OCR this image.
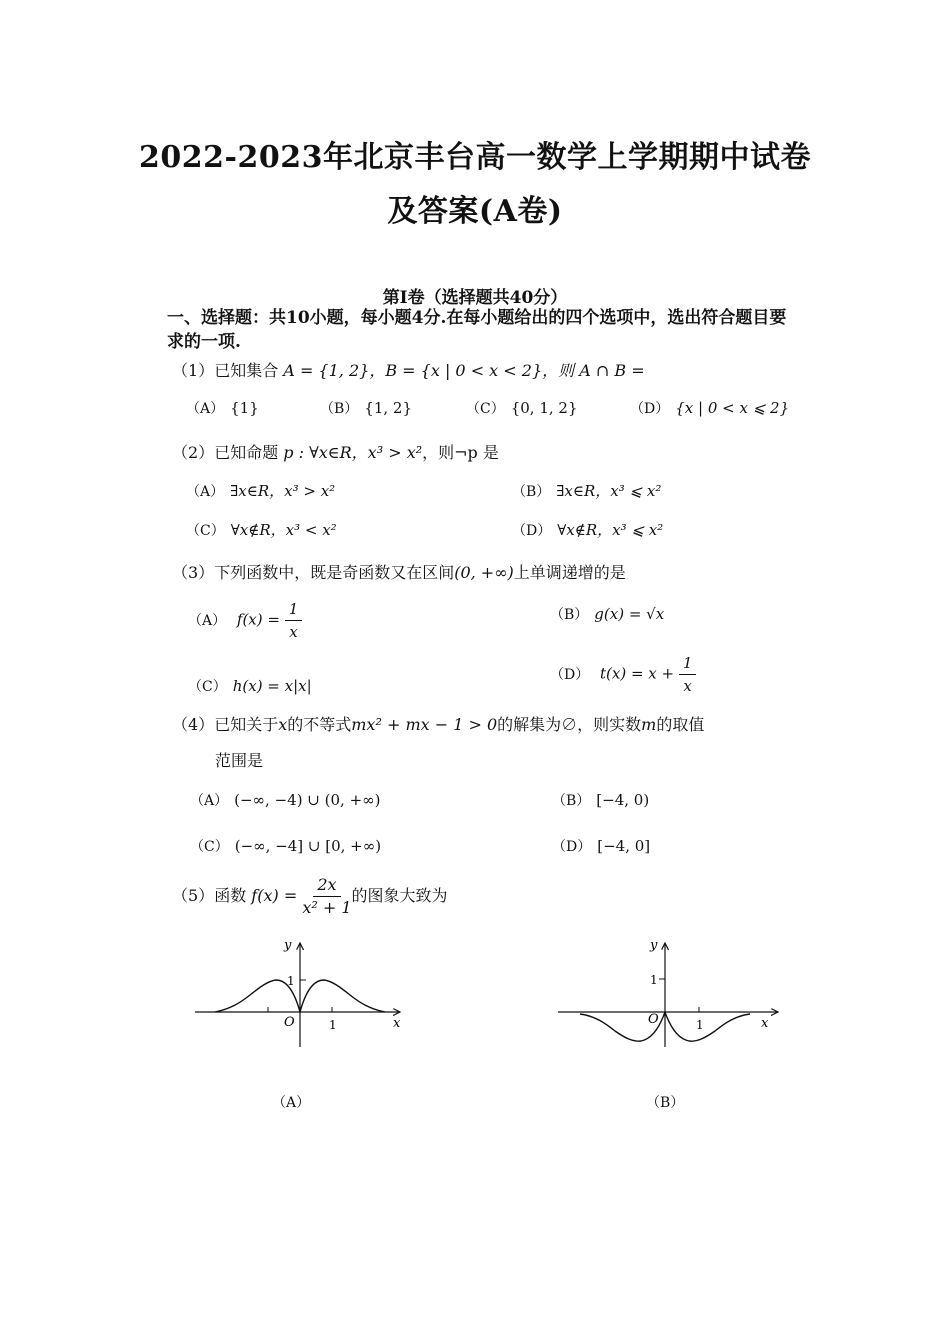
2022-2023年北京丰台高一数学上学期期中试卷
及答案(A卷)
第Ⅰ卷（选择题共40分）
一、选择题：共10小题，每小题4分.在每小题给出的四个选项中，选出符合题目要求的一项.
（1）已知集合 A = {1, 2}，B = {x | 0 < x < 2}，则 A ∩ B =
（A） {1}	（B） {1, 2}	（C） {0, 1, 2}	（D） {x | 0 < x ⩽ 2}
（2）已知命题 p : ∀x∈R，x³ > x²，则¬p 是
（A） ∃x∈R，x³ > x²	（B） ∃x∈R，x³ ⩽ x²
（C） ∀x∉R，x³ < x²	（D） ∀x∉R，x³ ⩽ x²
（3）下列函数中，既是奇函数又在区间(0, +∞)上单调递增的是
（A） $f(x) = \frac{1}{x}$	（B） g(x) = √x
（C） h(x) = x|x|
（D） $t(x) = x + \frac{1}{x}$
（4）已知关于x的不等式mx² + mx − 1 > 0的解集为∅，则实数m的取值
范围是
（A） (−∞, −4) ∪ (0, +∞)	（B） [−4, 0)
（C） (−∞, −4] ∪ [0, +∞)	（D） [−4, 0]
（5）函数 $f(x) = \frac{2x}{\text{x² + 1}}$ 的图象大致为
y
x
O	1
1
（A）
y
x
O	1
1
（B）
